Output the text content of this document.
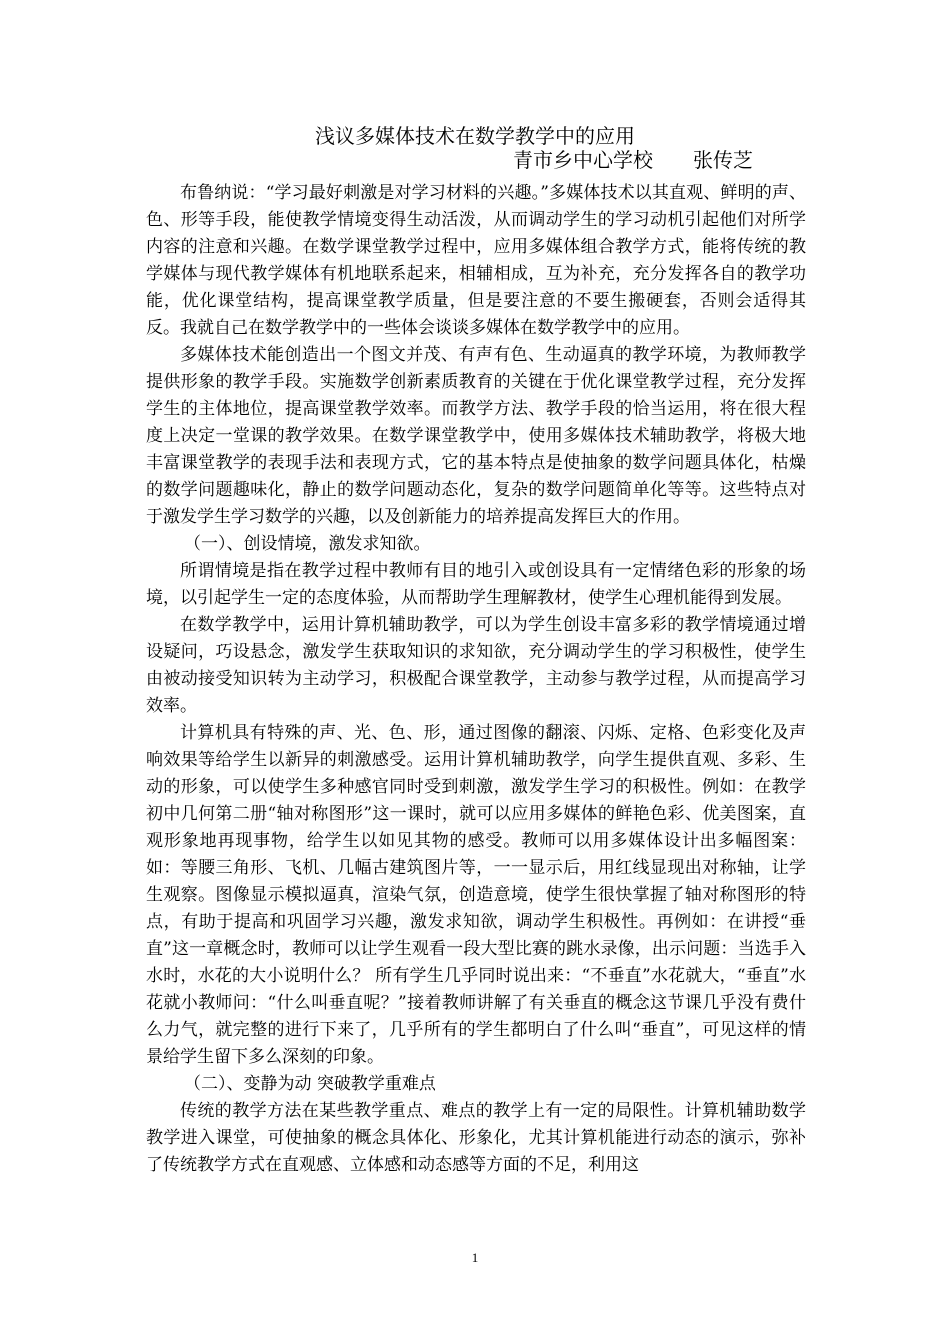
浅议多媒体技术在数学教学中的应用
青市乡中心学校 张传芝

布鲁纳说：“学习最好刺激是对学习材料的兴趣。”多媒体技术以其直观、鲜明的声、色、形等手段，能使教学情境变得生动活泼，从而调动学生的学习动机引起他们对所学内容的注意和兴趣。在数学课堂教学过程中，应用多媒体组合教学方式，能将传统的教学媒体与现代教学媒体有机地联系起来，相辅相成，互为补充，充分发挥各自的教学功能，优化课堂结构，提高课堂教学质量，但是要注意的不要生搬硬套，否则会适得其反。我就自己在数学教学中的一些体会谈谈多媒体在数学教学中的应用。

多媒体技术能创造出一个图文并茂、有声有色、生动逼真的教学环境，为教师教学提供形象的教学手段。实施数学创新素质教育的关键在于优化课堂教学过程，充分发挥学生的主体地位，提高课堂教学效率。而教学方法、教学手段的恰当运用，将在很大程度上决定一堂课的教学效果。在数学课堂教学中，使用多媒体技术辅助教学，将极大地丰富课堂教学的表现手法和表现方式，它的基本特点是使抽象的数学问题具体化，枯燥的数学问题趣味化，静止的数学问题动态化，复杂的数学问题简单化等等。这些特点对于激发学生学习数学的兴趣，以及创新能力的培养提高发挥巨大的作用。

（一）、创设情境，激发求知欲。

所谓情境是指在教学过程中教师有目的地引入或创设具有一定情绪色彩的形象的场境，以引起学生一定的态度体验，从而帮助学生理解教材，使学生心理机能得到发展。

在数学教学中，运用计算机辅助教学，可以为学生创设丰富多彩的教学情境通过增设疑问，巧设悬念，激发学生获取知识的求知欲，充分调动学生的学习积极性，使学生由被动接受知识转为主动学习，积极配合课堂教学，主动参与教学过程，从而提高学习效率。

计算机具有特殊的声、光、色、形，通过图像的翻滚、闪烁、定格、色彩变化及声响效果等给学生以新异的刺激感受。运用计算机辅助教学，向学生提供直观、多彩、生动的形象，可以使学生多种感官同时受到刺激，激发学生学习的积极性。例如：在教学初中几何第二册“轴对称图形”这一课时，就可以应用多媒体的鲜艳色彩、优美图案，直观形象地再现事物，给学生以如见其物的感受。教师可以用多媒体设计出多幅图案：如：等腰三角形、飞机、几幅古建筑图片等，一一显示后，用红线显现出对称轴，让学生观察。图像显示模拟逼真，渲染气氛，创造意境，使学生很快掌握了轴对称图形的特点，有助于提高和巩固学习兴趣，激发求知欲，调动学生积极性。再例如：在讲授“垂直”这一章概念时，教师可以让学生观看一段大型比赛的跳水录像，出示问题：当选手入水时，水花的大小说明什么？ 所有学生几乎同时说出来：“不垂直”水花就大，“垂直”水花就小教师问：“什么叫垂直呢？”接着教师讲解了有关垂直的概念这节课几乎没有费什么力气，就完整的进行下来了，几乎所有的学生都明白了什么叫“垂直”，可见这样的情景给学生留下多么深刻的印象。

（二）、变静为动 突破教学重难点

传统的教学方法在某些教学重点、难点的教学上有一定的局限性。计算机辅助数学教学进入课堂，可使抽象的概念具体化、形象化，尤其计算机能进行动态的演示，弥补了传统教学方式在直观感、立体感和动态感等方面的不足，利用这

1
